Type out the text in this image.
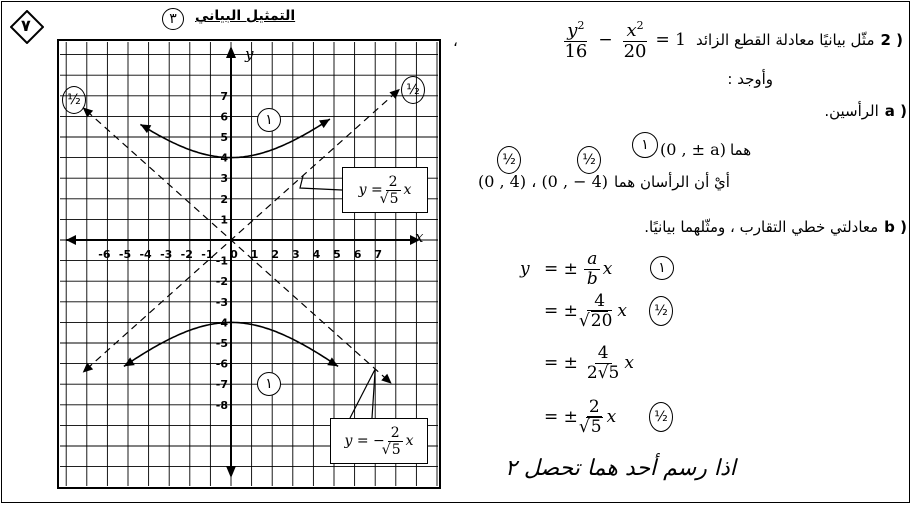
٧	التمثيل البياني
٣
-6 -5 -4 -3 -2 -1 0 1 2 3 4 5 6 7
7
6
5
4
3
2
1
-1
-2
-3
-4
-5
-6
-7
-8
y
x
١
١
½
½
y = 2
√ 5 x
y = − 2
√ 5 x
،	$\frac{y^2}{16} - \frac{x^2}{20} = 1$ مثّل بيانيًا معادلة القطع الزائد 2 )
وأوجد :
الرأسين. a )
١ (0 , ± a) هما
½	½
(0 , 4) ، (0 , − 4) أيْ أن الرأسان هما
معادلتي خطي التقارب ، ومثّلهما بيانيًا. b )
y = ± $\frac{a}{b}$ x	١
= ± 4
√ 20 x	½
= ± $\frac{4}{2√5}$ x
= ± 2
√ 5 x	½
اذا رسم أحد هما تحصل ٢
